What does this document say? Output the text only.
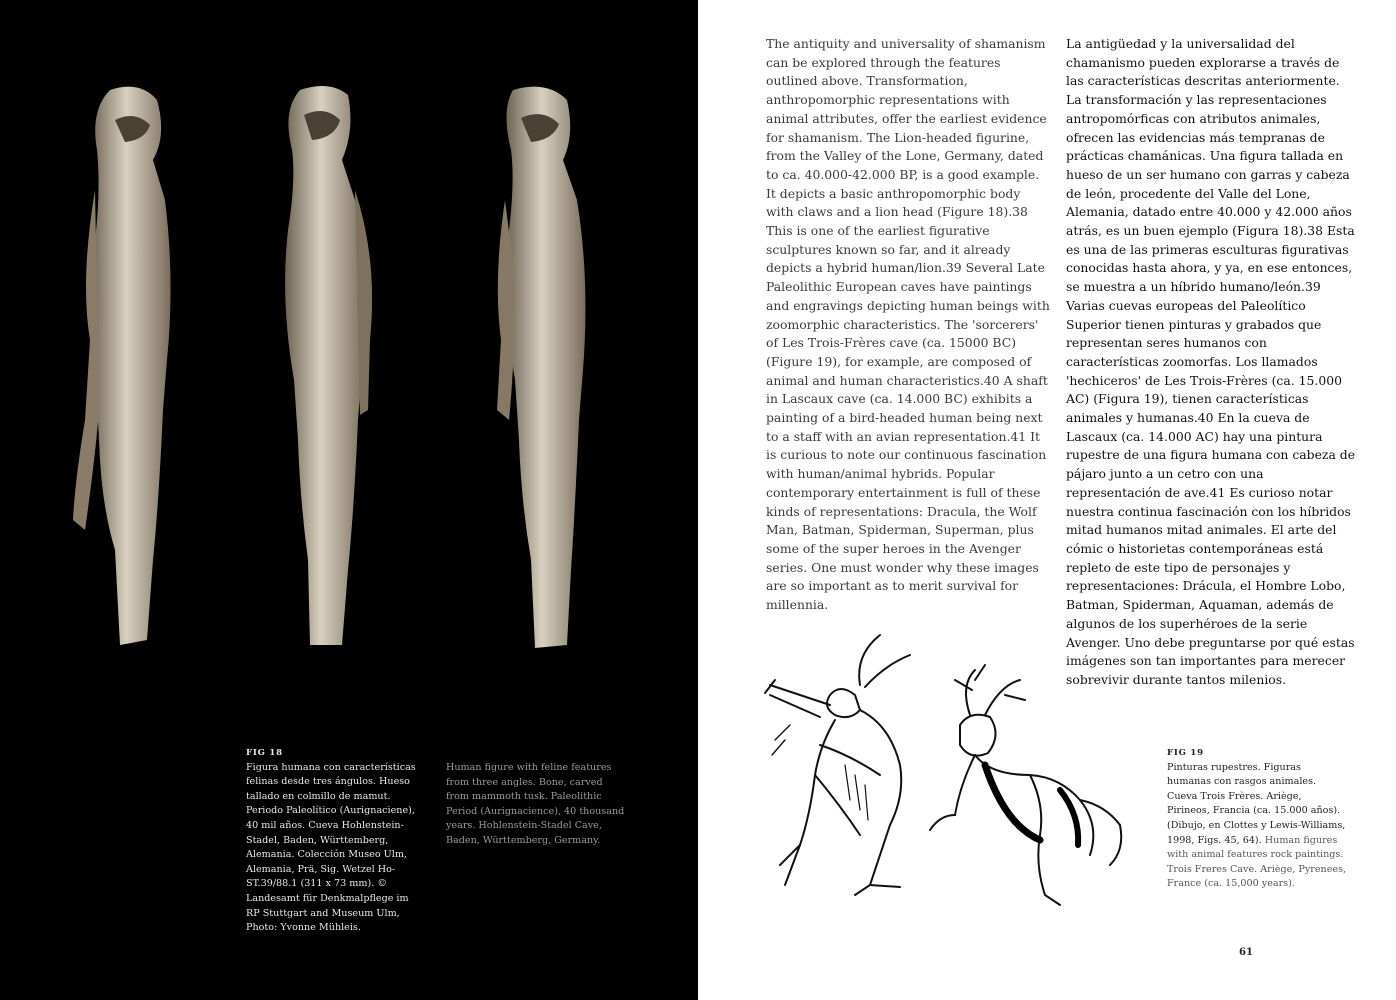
FIG 18
Figura humana con características felinas desde tres ángulos. Hueso tallado en colmillo de mamut. Periodo Paleolítico (Aurignaciene), 40 mil años. Cueva Hohlenstein-Stadel, Baden, Württemberg, Alemania. Colección Museo Ulm, Alemania, Prä, Sig. Wetzel Ho-ST.39/88.1 (311 x 73 mm). © Landesamt für Denkmalpflege im RP Stuttgart and Museum Ulm, Photo: Yvonne Mühleis.
Human figure with feline features from three angles. Bone, carved from mammoth tusk. Paleolithic Period (Aurignacience), 40 thousand years. Hohlenstein-Stadel Cave, Baden, Württemberg, Germany.

The antiquity and universality of shamanism can be explored through the features outlined above. Transformation, anthropomorphic representations with animal attributes, offer the earliest evidence for shamanism. The Lion-headed figurine, from the Valley of the Lone, Germany, dated to ca. 40.000-42.000 BP, is a good example. It depicts a basic anthropomorphic body with claws and a lion head (Figure 18).38 This is one of the earliest figurative sculptures known so far, and it already depicts a hybrid human/lion.39 Several Late Paleolithic European caves have paintings and engravings depicting human beings with zoomorphic characteristics. The 'sorcerers' of Les Trois-Frères cave (ca. 15000 BC) (Figure 19), for example, are composed of animal and human characteristics.40 A shaft in Lascaux cave (ca. 14.000 BC) exhibits a painting of a bird-headed human being next to a staff with an avian representation.41 It is curious to note our continuous fascination with human/animal hybrids. Popular contemporary entertainment is full of these kinds of representations: Dracula, the Wolf Man, Batman, Spiderman, Superman, plus some of the super heroes in the Avenger series. One must wonder why these images are so important as to merit survival for millennia.

La antigüedad y la universalidad del chamanismo pueden explorarse a través de las características descritas anteriormente. La transformación y las representaciones antropomórficas con atributos animales, ofrecen las evidencias más tempranas de prácticas chamánicas. Una figura tallada en hueso de un ser humano con garras y cabeza de león, procedente del Valle del Lone, Alemania, datado entre 40.000 y 42.000 años atrás, es un buen ejemplo (Figura 18).38 Esta es una de las primeras esculturas figurativas conocidas hasta ahora, y ya, en ese entonces, se muestra a un híbrido humano/león.39 Varias cuevas europeas del Paleolítico Superior tienen pinturas y grabados que representan seres humanos con características zoomorfas. Los llamados 'hechiceros' de Les Trois-Frères (ca. 15.000 AC) (Figura 19), tienen características animales y humanas.40 En la cueva de Lascaux (ca. 14.000 AC) hay una pintura rupestre de una figura humana con cabeza de pájaro junto a un cetro con una representación de ave.41 Es curioso notar nuestra continua fascinación con los híbridos mitad humanos mitad animales. El arte del cómic o historietas contemporáneas está repleto de este tipo de personajes y representaciones: Drácula, el Hombre Lobo, Batman, Spiderman, Aquaman, además de algunos de los superhéroes de la serie Avenger. Uno debe preguntarse por qué estas imágenes son tan importantes para merecer sobrevivir durante tantos milenios.

FIG 19
Pinturas rupestres. Figuras humanas con rasgos animales. Cueva Trois Frères. Ariège, Pirineos, Francia (ca. 15.000 años). (Dibujo, en Clottes y Lewis-Williams, 1998, Figs. 45, 64). Human figures with animal features rock paintings. Trois Freres Cave. Ariège, Pyrenees, France (ca. 15,000 years).
61
